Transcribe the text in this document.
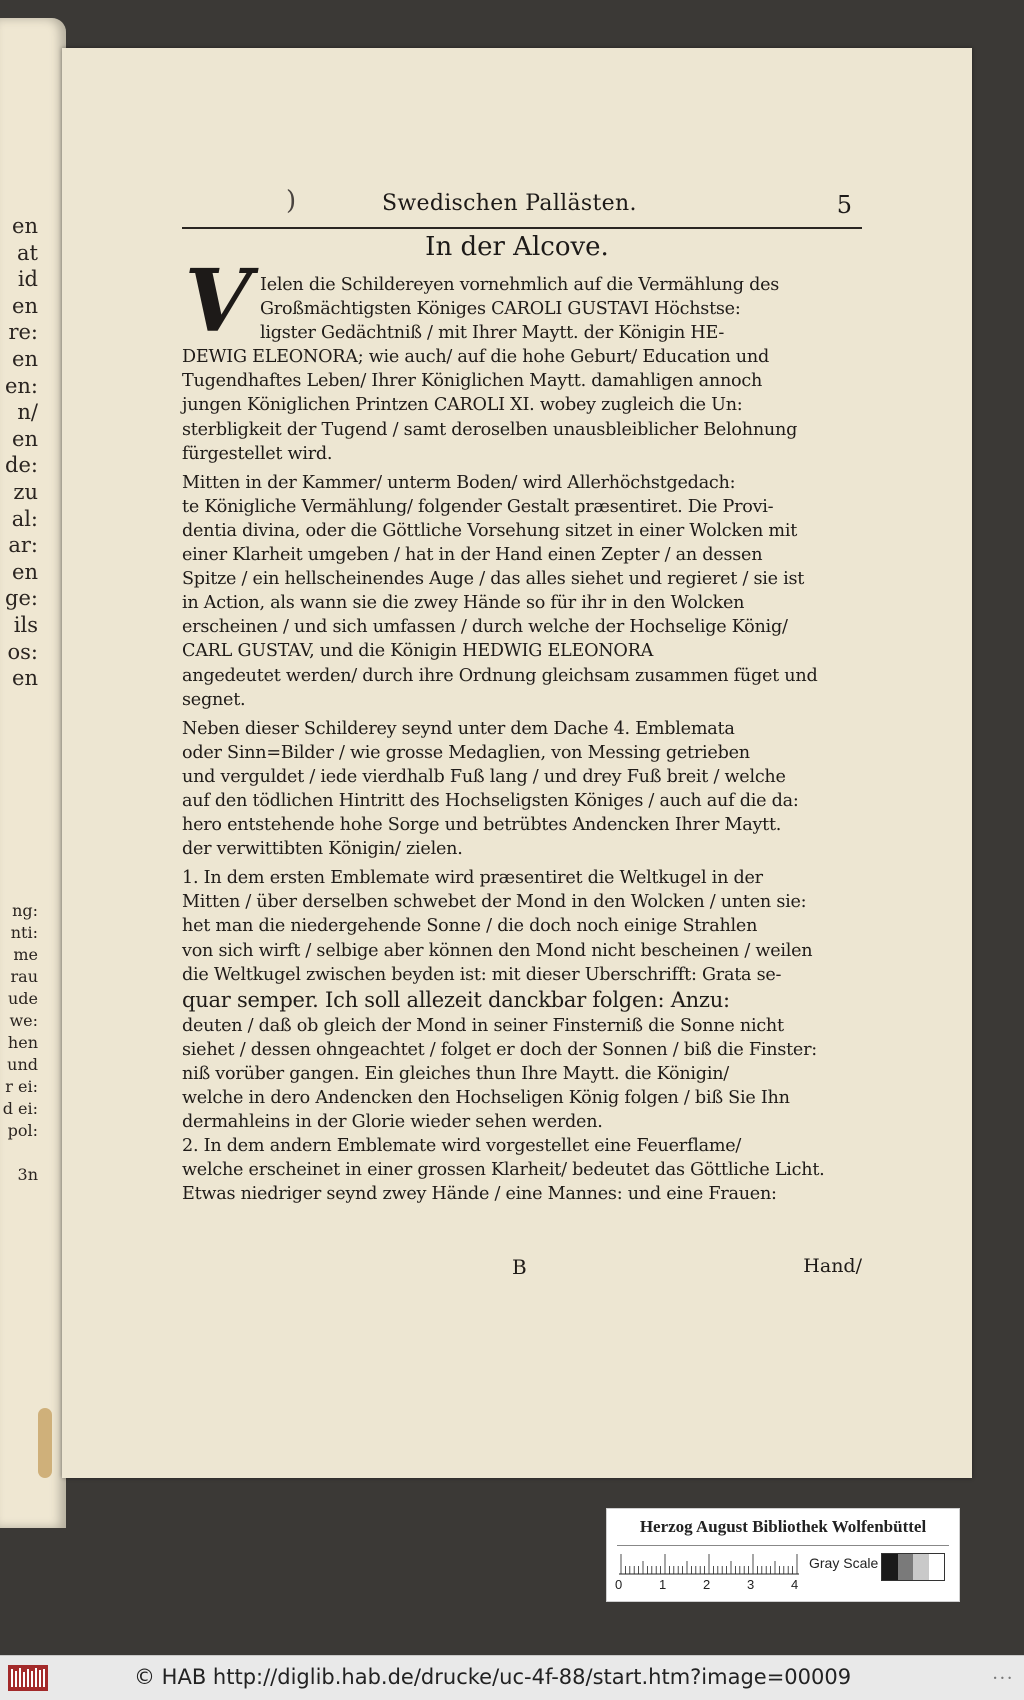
en
at
id
en
re:
en
en:
n/
en
de:
zu
al:
ar:
en
ge:
ils
os:
en
ng:
nti:
me
rau
ude
we:
hen
und
r ei:
d ei:
pol:

3n
)	Swedischen Pallästen.	5
In der Alcove.
V Ielen die Schildereyen vornehmlich auf die Vermählung des
Großmächtigsten Königes CAROLI GUSTAVI Höchstse:
ligster Gedächtniß / mit Ihrer Maytt. der Königin HE-
DEWIG ELEONORA; wie auch/ auf die hohe Geburt/ Education und
Tugendhaftes Leben/ Ihrer Königlichen Maytt. damahligen annoch
jungen Königlichen Printzen CAROLI XI. wobey zugleich die Un:
sterbligkeit der Tugend / samt deroselben unausbleiblicher Belohnung
fürgestellet wird.
Mitten in der Kammer/ unterm Boden/ wird Allerhöchstgedach:
te Königliche Vermählung/ folgender Gestalt præsentiret. Die Provi-
dentia divina, oder die Göttliche Vorsehung sitzet in einer Wolcken mit
einer Klarheit umgeben / hat in der Hand einen Zepter / an dessen
Spitze / ein hellscheinendes Auge / das alles siehet und regieret / sie ist
in Action, als wann sie die zwey Hände so für ihr in den Wolcken
erscheinen / und sich umfassen / durch welche der Hochselige König/
CARL GUSTAV, und die Königin HEDWIG ELEONORA
angedeutet werden/ durch ihre Ordnung gleichsam zusammen füget und
segnet.
Neben dieser Schilderey seynd unter dem Dache 4. Emblemata
oder Sinn=Bilder / wie grosse Medaglien, von Messing getrieben
und verguldet / iede vierdhalb Fuß lang / und drey Fuß breit / welche
auf den tödlichen Hintritt des Hochseligsten Königes / auch auf die da:
hero entstehende hohe Sorge und betrübtes Andencken Ihrer Maytt.
der verwittibten Königin/ zielen.
1. In dem ersten Emblemate wird præsentiret die Weltkugel in der
Mitten / über derselben schwebet der Mond in den Wolcken / unten sie:
het man die niedergehende Sonne / die doch noch einige Strahlen
von sich wirft / selbige aber können den Mond nicht bescheinen / weilen
die Weltkugel zwischen beyden ist: mit dieser Uberschrifft: Grata se-
quar semper. Ich soll allezeit danckbar folgen: Anzu:
deuten / daß ob gleich der Mond in seiner Finsterniß die Sonne nicht
siehet / dessen ohngeachtet / folget er doch der Sonnen / biß die Finster:
niß vorüber gangen. Ein gleiches thun Ihre Maytt. die Königin/
welche in dero Andencken den Hochseligen König folgen / biß Sie Ihn
dermahleins in der Glorie wieder sehen werden.
2. In dem andern Emblemate wird vorgestellet eine Feuerflame/
welche erscheinet in einer grossen Klarheit/ bedeutet das Göttliche Licht.
Etwas niedriger seynd zwey Hände / eine Mannes: und eine Frauen:
B	Hand/
Herzog August Bibliothek Wolfenbüttel
0	1	2	3	4
Gray Scale
© HAB http://diglib.hab.de/drucke/uc-4f-88/start.htm?image=00009	• • •
